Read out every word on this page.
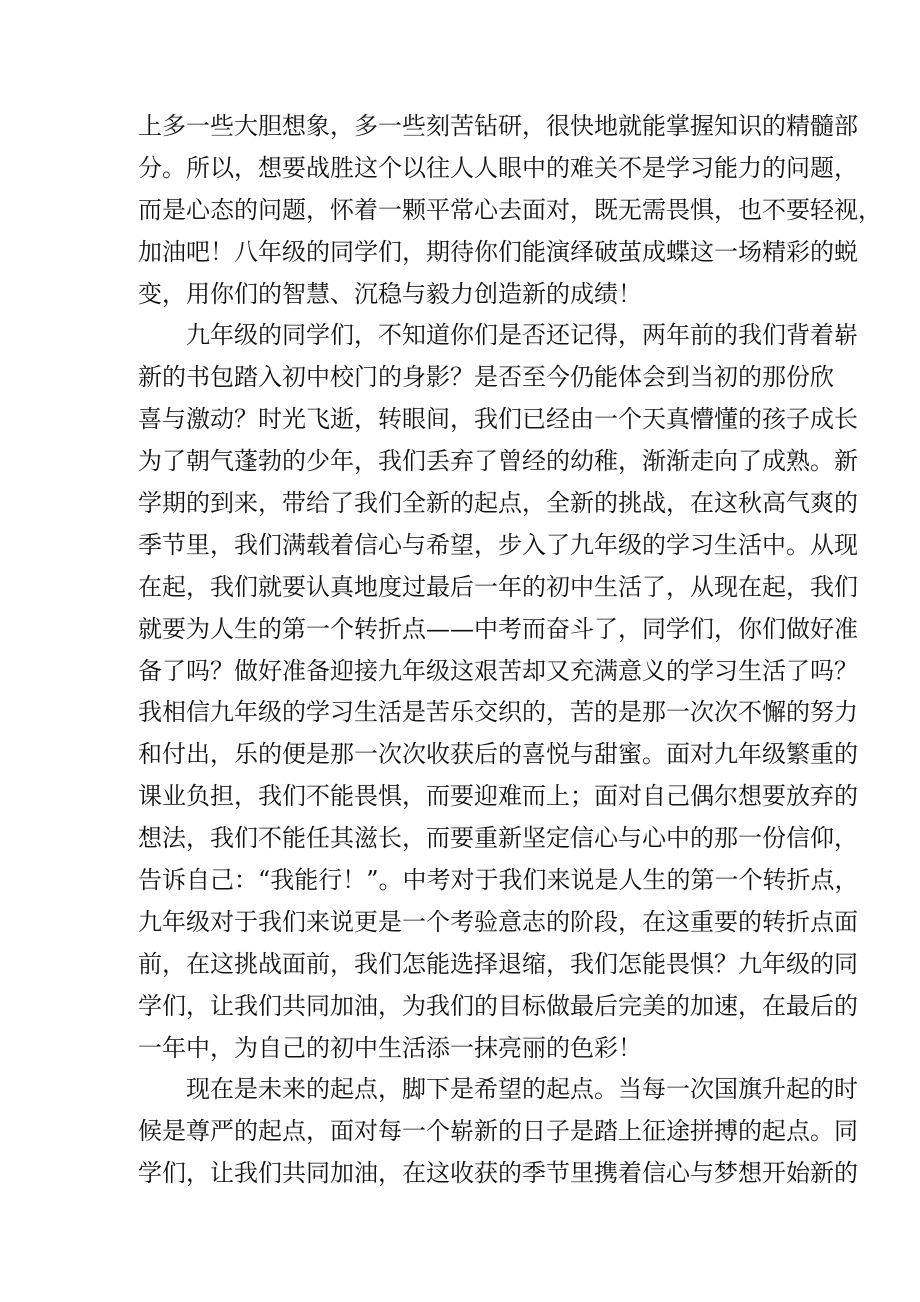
上多一些大胆想象，多一些刻苦钻研，很快地就能掌握知识的精髓部
分。所以，想要战胜这个以往人人眼中的难关不是学习能力的问题，
而是心态的问题，怀着一颗平常心去面对，既无需畏惧，也不要轻视，
加油吧！八年级的同学们，期待你们能演绎破茧成蝶这一场精彩的蜕
变，用你们的智慧、沉稳与毅力创造新的成绩！
九年级的同学们，不知道你们是否还记得，两年前的我们背着崭
新的书包踏入初中校门的身影？是否至今仍能体会到当初的那份欣
喜与激动？时光飞逝，转眼间，我们已经由一个天真懵懂的孩子成长
为了朝气蓬勃的少年，我们丢弃了曾经的幼稚，渐渐走向了成熟。新
学期的到来，带给了我们全新的起点，全新的挑战，在这秋高气爽的
季节里，我们满载着信心与希望，步入了九年级的学习生活中。从现
在起，我们就要认真地度过最后一年的初中生活了，从现在起，我们
就要为人生的第一个转折点——中考而奋斗了，同学们，你们做好准
备了吗？做好准备迎接九年级这艰苦却又充满意义的学习生活了吗？
我相信九年级的学习生活是苦乐交织的，苦的是那一次次不懈的努力
和付出，乐的便是那一次次收获后的喜悦与甜蜜。面对九年级繁重的
课业负担，我们不能畏惧，而要迎难而上；面对自己偶尔想要放弃的
想法，我们不能任其滋长，而要重新坚定信心与心中的那一份信仰，
告诉自己：“我能行！”。中考对于我们来说是人生的第一个转折点，
九年级对于我们来说更是一个考验意志的阶段，在这重要的转折点面
前，在这挑战面前，我们怎能选择退缩，我们怎能畏惧？九年级的同
学们，让我们共同加油，为我们的目标做最后完美的加速，在最后的
一年中，为自己的初中生活添一抹亮丽的色彩！
现在是未来的起点，脚下是希望的起点。当每一次国旗升起的时
候是尊严的起点，面对每一个崭新的日子是踏上征途拼搏的起点。同
学们，让我们共同加油，在这收获的季节里携着信心与梦想开始新的
